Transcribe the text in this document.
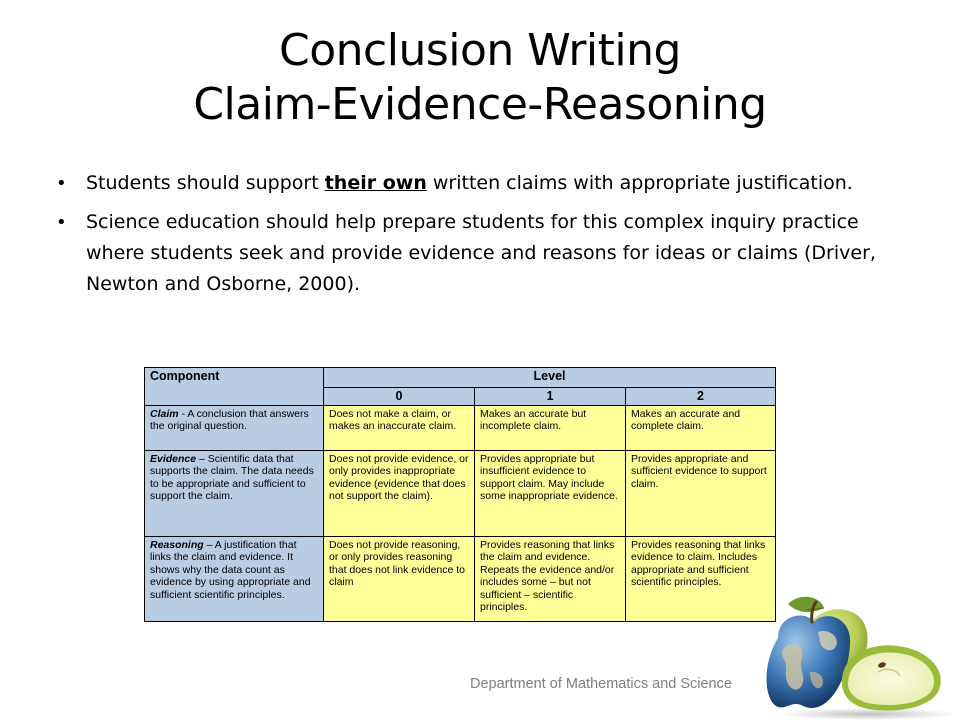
Conclusion Writing
Claim-Evidence-Reasoning
• Students should support their own written claims with appropriate justification.
• Science education should help prepare students for this complex inquiry practice where students seek and provide evidence and reasons for ideas or claims (Driver, Newton and Osborne, 2000).
Component	Level		
	0	1	2
Claim - A conclusion that answers the original question.	Does not make a claim, or makes an inaccurate claim.	Makes an accurate but incomplete claim.	Makes an accurate and complete claim.
Evidence – Scientific data that supports the claim. The data needs to be appropriate and sufficient to support the claim.	Does not provide evidence, or only provides inappropriate evidence (evidence that does not support the claim).	Provides appropriate but insufficient evidence to support claim. May include some inappropriate evidence.	Provides appropriate and sufficient evidence to support claim.
Reasoning – A justification that links the claim and evidence. It shows why the data count as evidence by using appropriate and sufficient scientific principles.	Does not provide reasoning, or only provides reasoning that does not link evidence to claim	Provides reasoning that links the claim and evidence. Repeats the evidence and/or includes some – but not sufficient – scientific principles.	Provides reasoning that links evidence to claim. Includes appropriate and sufficient scientific principles.
Department of Mathematics and Science
